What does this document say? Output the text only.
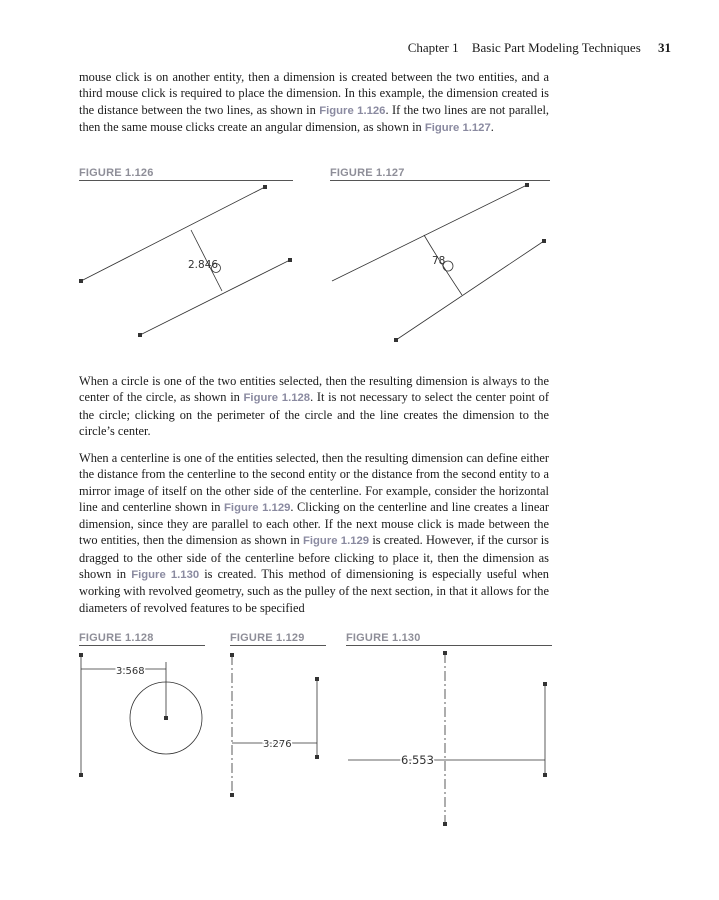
Chapter 1 Basic Part Modeling Techniques 31

mouse click is on another entity, then a dimension is created between the two entities, and a third mouse click is required to place the dimension. In this example, the dimension created is the distance between the two lines, as shown in Figure 1.126. If the two lines are not parallel, then the same mouse clicks create an angular dimension, as shown in Figure 1.127.

FIGURE 1.126
2.846
FIGURE 1.127
78

When a circle is one of the two entities selected, then the resulting dimension is always to the center of the circle, as shown in Figure 1.128. It is not necessary to select the center point of the circle; clicking on the perimeter of the circle and the line creates the dimension to the circle’s center.

When a centerline is one of the entities selected, then the resulting dimension can define either the distance from the centerline to the second entity or the distance from the second entity to a mirror image of itself on the other side of the centerline. For example, consider the horizontal line and centerline shown in Figure 1.129. Clicking on the centerline and line creates a linear dimension, since they are parallel to each other. If the next mouse click is made between the two entities, then the dimension as shown in Figure 1.129 is created. However, if the cursor is dragged to the other side of the centerline before clicking to place it, then the dimension as shown in Figure 1.130 is created. This method of dimensioning is especially useful when working with revolved geometry, such as the pulley of the next section, in that it allows for the diameters of revolved features to be specified

FIGURE 1.128
3.568
FIGURE 1.129
3.276
FIGURE 1.130
6.553
